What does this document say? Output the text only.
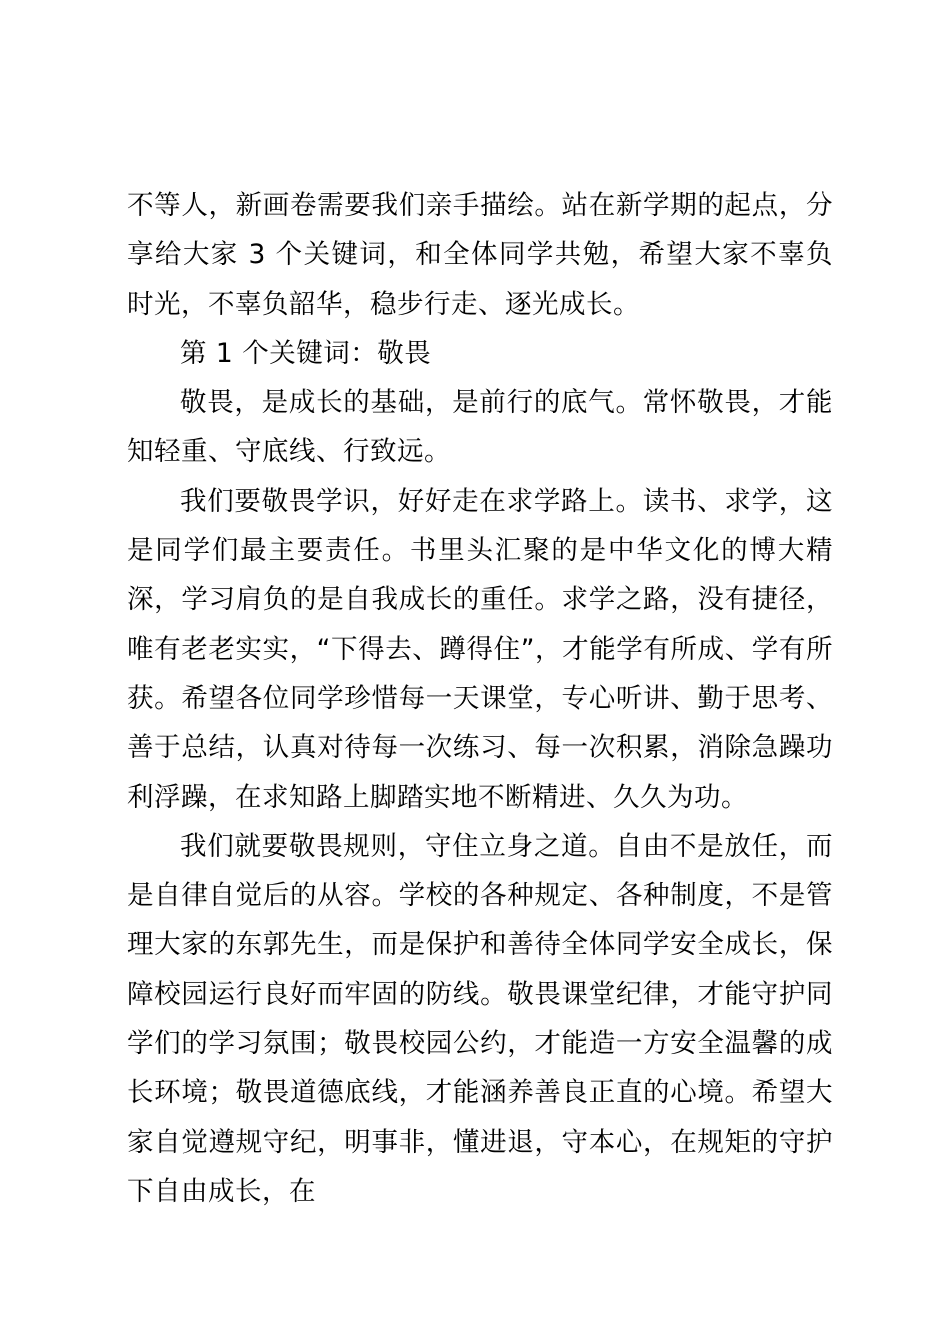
不等人，新画卷需要我们亲手描绘。站在新学期的起点，分享给大家 3 个关键词，和全体同学共勉，希望大家不辜负时光，不辜负韶华，稳步行走、逐光成长。

第 1 个关键词：敬畏

敬畏，是成长的基础，是前行的底气。常怀敬畏，才能知轻重、守底线、行致远。

我们要敬畏学识，好好走在求学路上。读书、求学，这是同学们最主要责任。书里头汇聚的是中华文化的博大精深，学习肩负的是自我成长的重任。求学之路，没有捷径，唯有老老实实，“下得去、蹲得住”，才能学有所成、学有所获。希望各位同学珍惜每一天课堂，专心听讲、勤于思考、善于总结，认真对待每一次练习、每一次积累，消除急躁功利浮躁，在求知路上脚踏实地不断精进、久久为功。

我们就要敬畏规则，守住立身之道。自由不是放任，而是自律自觉后的从容。学校的各种规定、各种制度，不是管理大家的东郭先生，而是保护和善待全体同学安全成长，保障校园运行良好而牢固的防线。敬畏课堂纪律，才能守护同学们的学习氛围；敬畏校园公约，才能造一方安全温馨的成长环境；敬畏道德底线，才能涵养善良正直的心境。希望大家自觉遵规守纪，明事非，懂进退，守本心，在规矩的守护下自由成长，在
